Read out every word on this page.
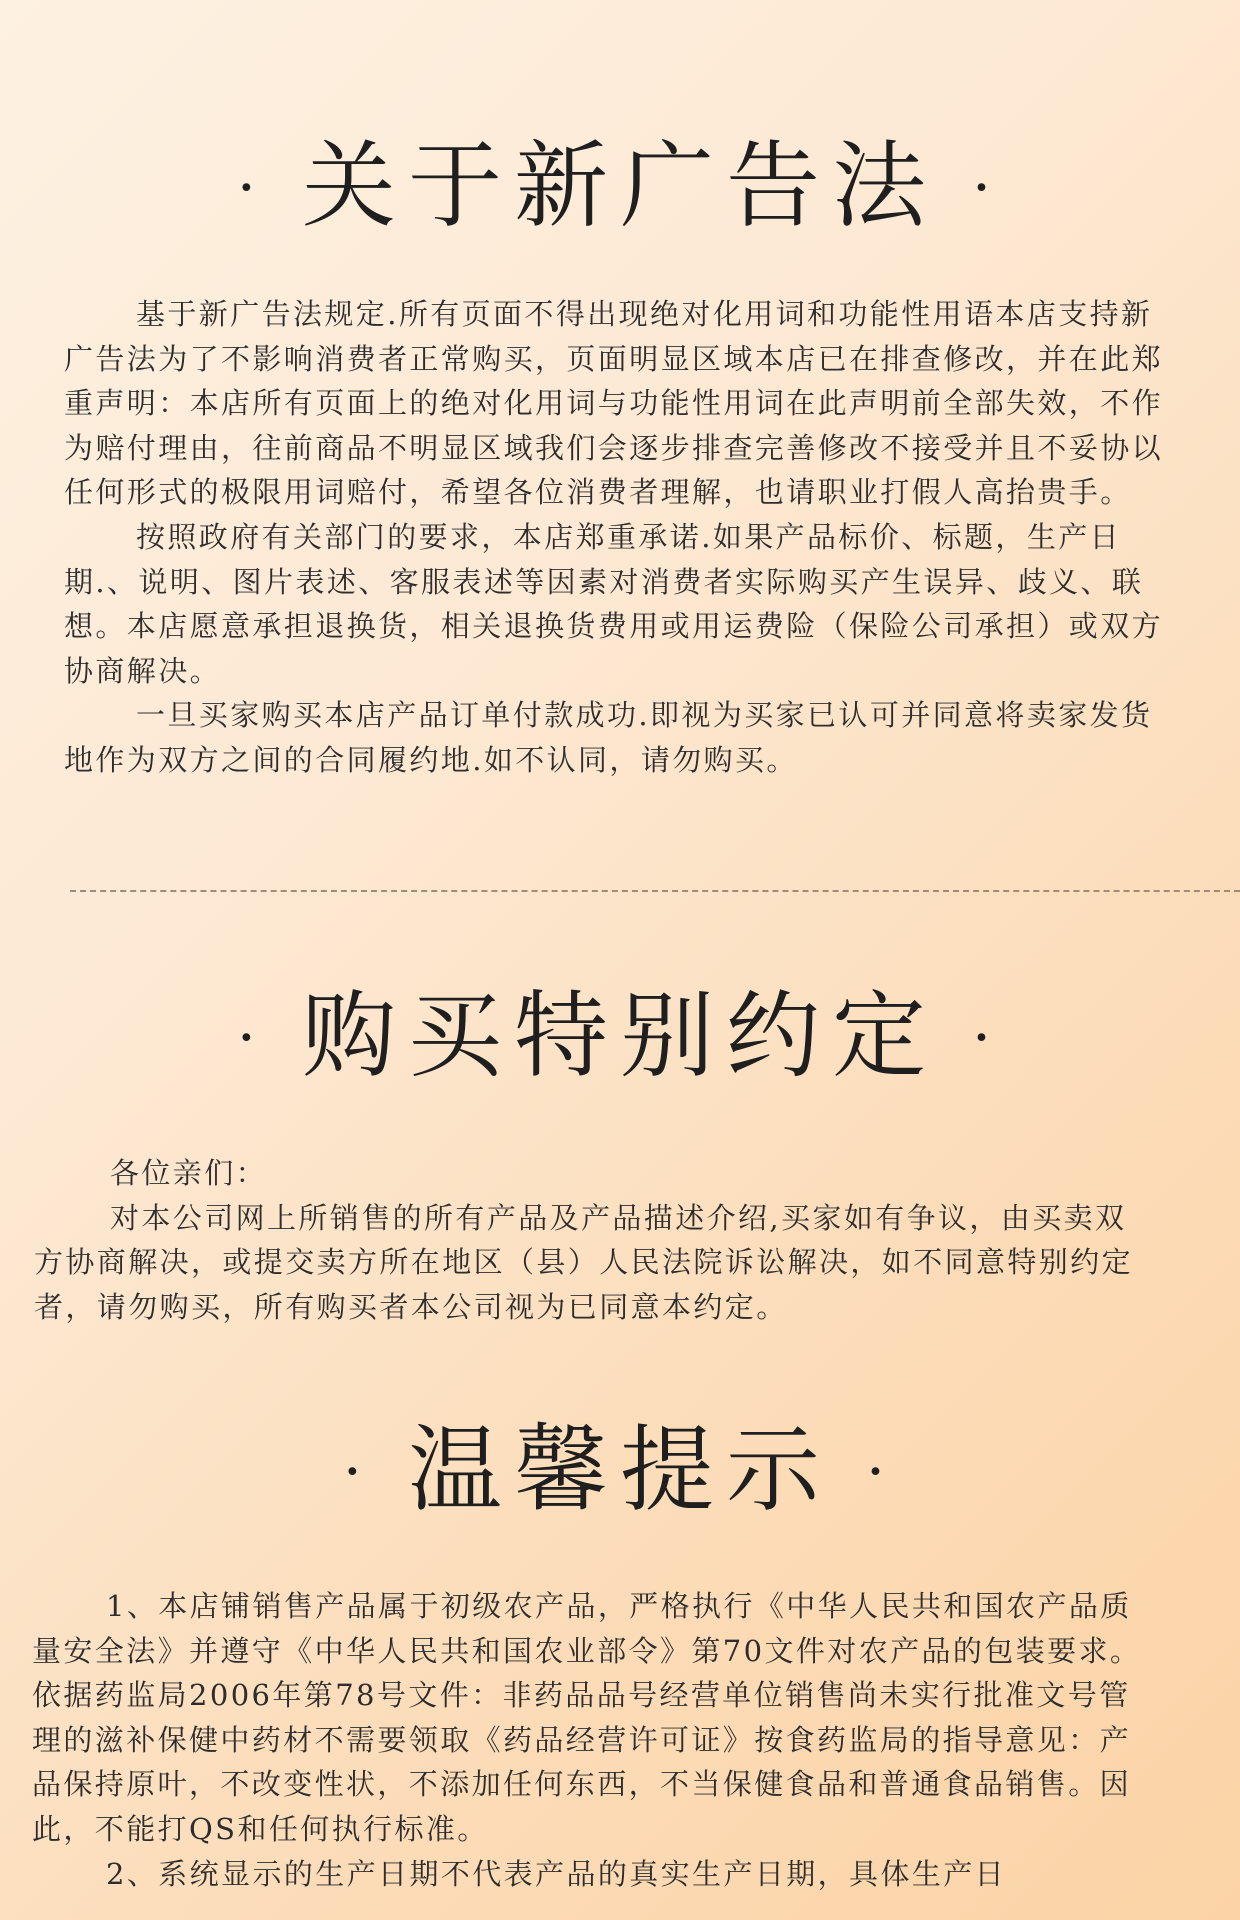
· 关于新广告法 ·

基于新广告法规定.所有页面不得出现绝对化用词和功能性用语本店支持新广告法为了不影响消费者正常购买，页面明显区域本店已在排查修改，并在此郑重声明：本店所有页面上的绝对化用词与功能性用词在此声明前全部失效，不作为赔付理由，往前商品不明显区域我们会逐步排查完善修改不接受并且不妥协以任何形式的极限用词赔付，希望各位消费者理解，也请职业打假人高抬贵手。

按照政府有关部门的要求，本店郑重承诺.如果产品标价、标题，生产日期.、说明、图片表述、客服表述等因素对消费者实际购买产生误异、歧义、联想。本店愿意承担退换货，相关退换货费用或用运费险（保险公司承担）或双方协商解决。

一旦买家购买本店产品订单付款成功.即视为买家已认可并同意将卖家发货地作为双方之间的合同履约地.如不认同，请勿购买。

· 购买特别约定 ·

各位亲们：

对本公司网上所销售的所有产品及产品描述介绍,买家如有争议，由买卖双方协商解决，或提交卖方所在地区（县）人民法院诉讼解决，如不同意特别约定者，请勿购买，所有购买者本公司视为已同意本约定。

· 温馨提示 ·

1、本店铺销售产品属于初级农产品，严格执行《中华人民共和国农产品质量安全法》并遵守《中华人民共和国农业部令》第70文件对农产品的包装要求。依据药监局2006年第78号文件：非药品品号经营单位销售尚未实行批准文号管理的滋补保健中药材不需要领取《药品经营许可证》按食药监局的指导意见：产品保持原叶，不改变性状，不添加任何东西，不当保健食品和普通食品销售。因此，不能打QS和任何执行标准。

2、系统显示的生产日期不代表产品的真实生产日期，具体生产日
